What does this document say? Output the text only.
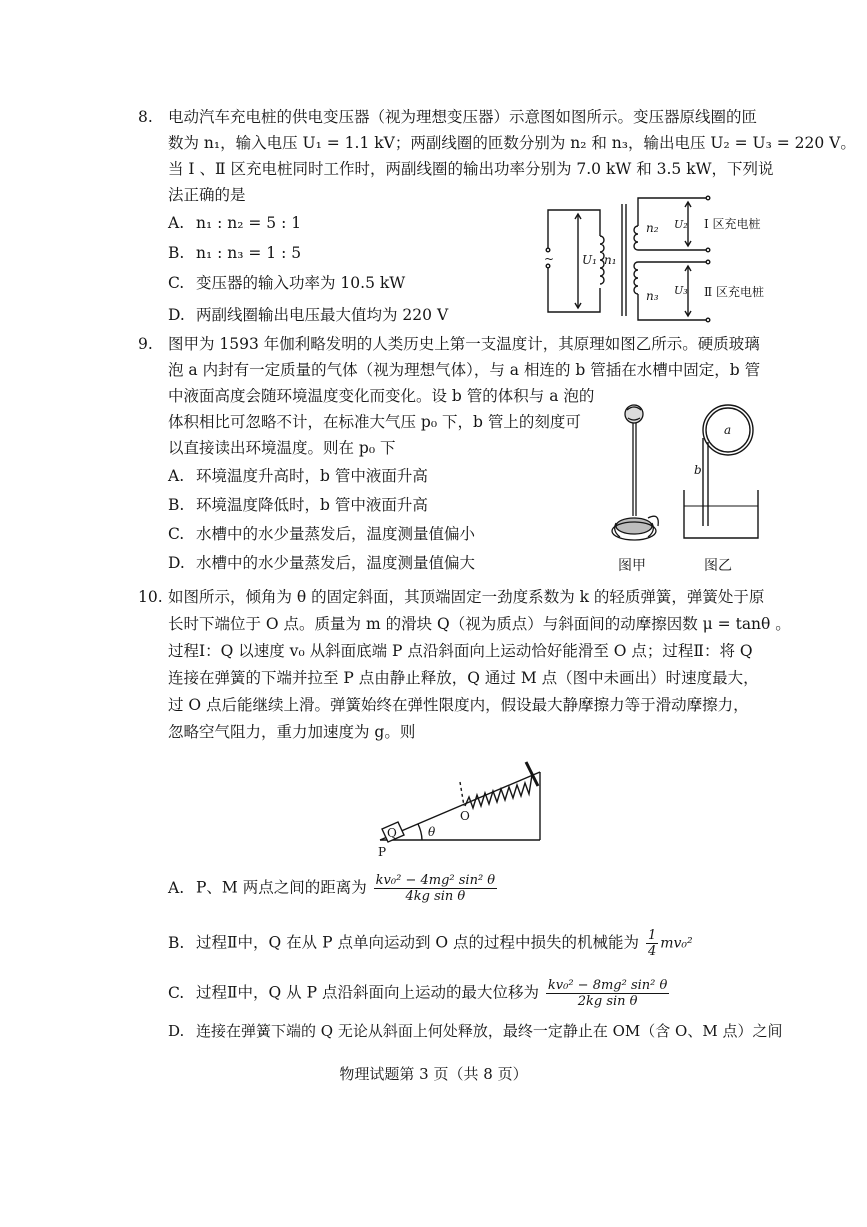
8. 电动汽车充电桩的供电变压器（视为理想变压器）示意图如图所示。变压器原线圈的匝
数为 n₁，输入电压 U₁ = 1.1 kV；两副线圈的匝数分别为 n₂ 和 n₃，输出电压 U₂ = U₃ = 220 V。
当 Ⅰ 、Ⅱ 区充电桩同时工作时，两副线圈的输出功率分别为 7.0 kW 和 3.5 kW，下列说
法正确的是
A. n₁ : n₂ = 5 : 1
B. n₁ : n₃ = 1 : 5
C. 变压器的输入功率为 10.5 kW
D. 两副线圈输出电压最大值均为 220 V
~ U₁ n₁
n₂
n₃
U₂
U₃
Ⅰ 区充电桩
Ⅱ 区充电桩
9. 图甲为 1593 年伽利略发明的人类历史上第一支温度计，其原理如图乙所示。硬质玻璃
泡 a 内封有一定质量的气体（视为理想气体），与 a 相连的 b 管插在水槽中固定，b 管
中液面高度会随环境温度变化而变化。设 b 管的体积与 a 泡的
体积相比可忽略不计，在标准大气压 p₀ 下，b 管上的刻度可
以直接读出环境温度。则在 p₀ 下
A. 环境温度升高时，b 管中液面升高
B. 环境温度降低时，b 管中液面升高
C. 水槽中的水少量蒸发后，温度测量值偏小
D. 水槽中的水少量蒸发后，温度测量值偏大
a
b
图甲	图乙
10. 如图所示，倾角为 θ 的固定斜面，其顶端固定一劲度系数为 k 的轻质弹簧，弹簧处于原
长时下端位于 O 点。质量为 m 的滑块 Q（视为质点）与斜面间的动摩擦因数 μ = tanθ 。
过程Ⅰ：Q 以速度 v₀ 从斜面底端 P 点沿斜面向上运动恰好能滑至 O 点；过程Ⅱ：将 Q
连接在弹簧的下端并拉至 P 点由静止释放，Q 通过 M 点（图中未画出）时速度最大，
过 O 点后能继续上滑。弹簧始终在弹性限度内，假设最大静摩擦力等于滑动摩擦力，
忽略空气阻力，重力加速度为 g。则
Q
O
P
θ
A. P、M 两点之间的距离为 $\frac{\text{kv₀² − 4mg² sin² θ}}{\text{4kg sin θ}}$
B. 过程Ⅱ中，Q 在从 P 点单向运动到 O 点的过程中损失的机械能为 $\frac{1}{4} mv_0^2$
C. 过程Ⅱ中，Q 从 P 点沿斜面向上运动的最大位移为 $\frac{\text{kv₀² − 8mg² sin² θ}}{\text{2kg sin θ}}$
D. 连接在弹簧下端的 Q 无论从斜面上何处释放，最终一定静止在 OM（含 O、M 点）之间
物理试题第 3 页（共 8 页）
